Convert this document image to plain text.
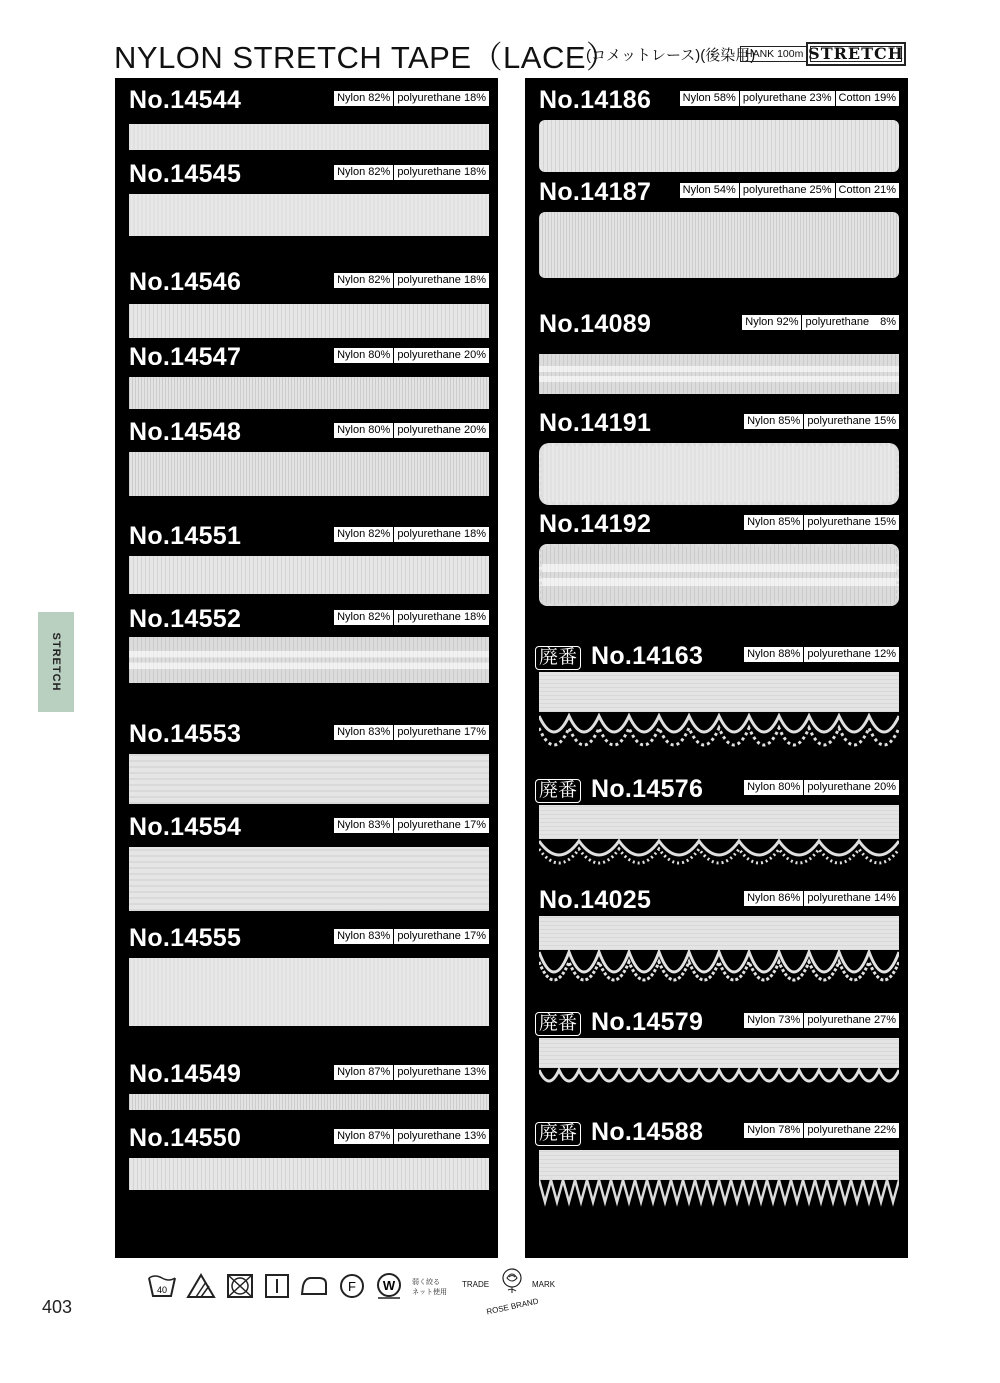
NYLON STRETCH TAPE（LACE）
(コメットレース)(後染用)
HANK 100m STRETCH
STRETCH
No.14544	Nylon 82% polyurethane 18%
No.14545	Nylon 82% polyurethane 18%
No.14546	Nylon 82% polyurethane 18%
No.14547	Nylon 80% polyurethane 20%
No.14548	Nylon 80% polyurethane 20%
No.14551	Nylon 82% polyurethane 18%
No.14552	Nylon 82% polyurethane 18%
No.14553	Nylon 83% polyurethane 17%
No.14554	Nylon 83% polyurethane 17%
No.14555	Nylon 83% polyurethane 17%
No.14549	Nylon 87% polyurethane 13%
No.14550	Nylon 87% polyurethane 13%
No.14186	Nylon 58% polyurethane 23% Cotton 19%
No.14187	Nylon 54% polyurethane 25% Cotton 21%
No.14089	Nylon 92% polyurethane　8%
No.14191	Nylon 85% polyurethane 15%
No.14192	Nylon 85% polyurethane 15%
廃番 No.14163	Nylon 88% polyurethane 12%
廃番 No.14576	Nylon 80% polyurethane 20%
No.14025	Nylon 86% polyurethane 14%
廃番 No.14579	Nylon 73% polyurethane 27%
廃番 No.14588	Nylon 78% polyurethane 22%
403
40	F W 弱く絞る
ネット使用
TRADE	MARK
ROSE BRAND
